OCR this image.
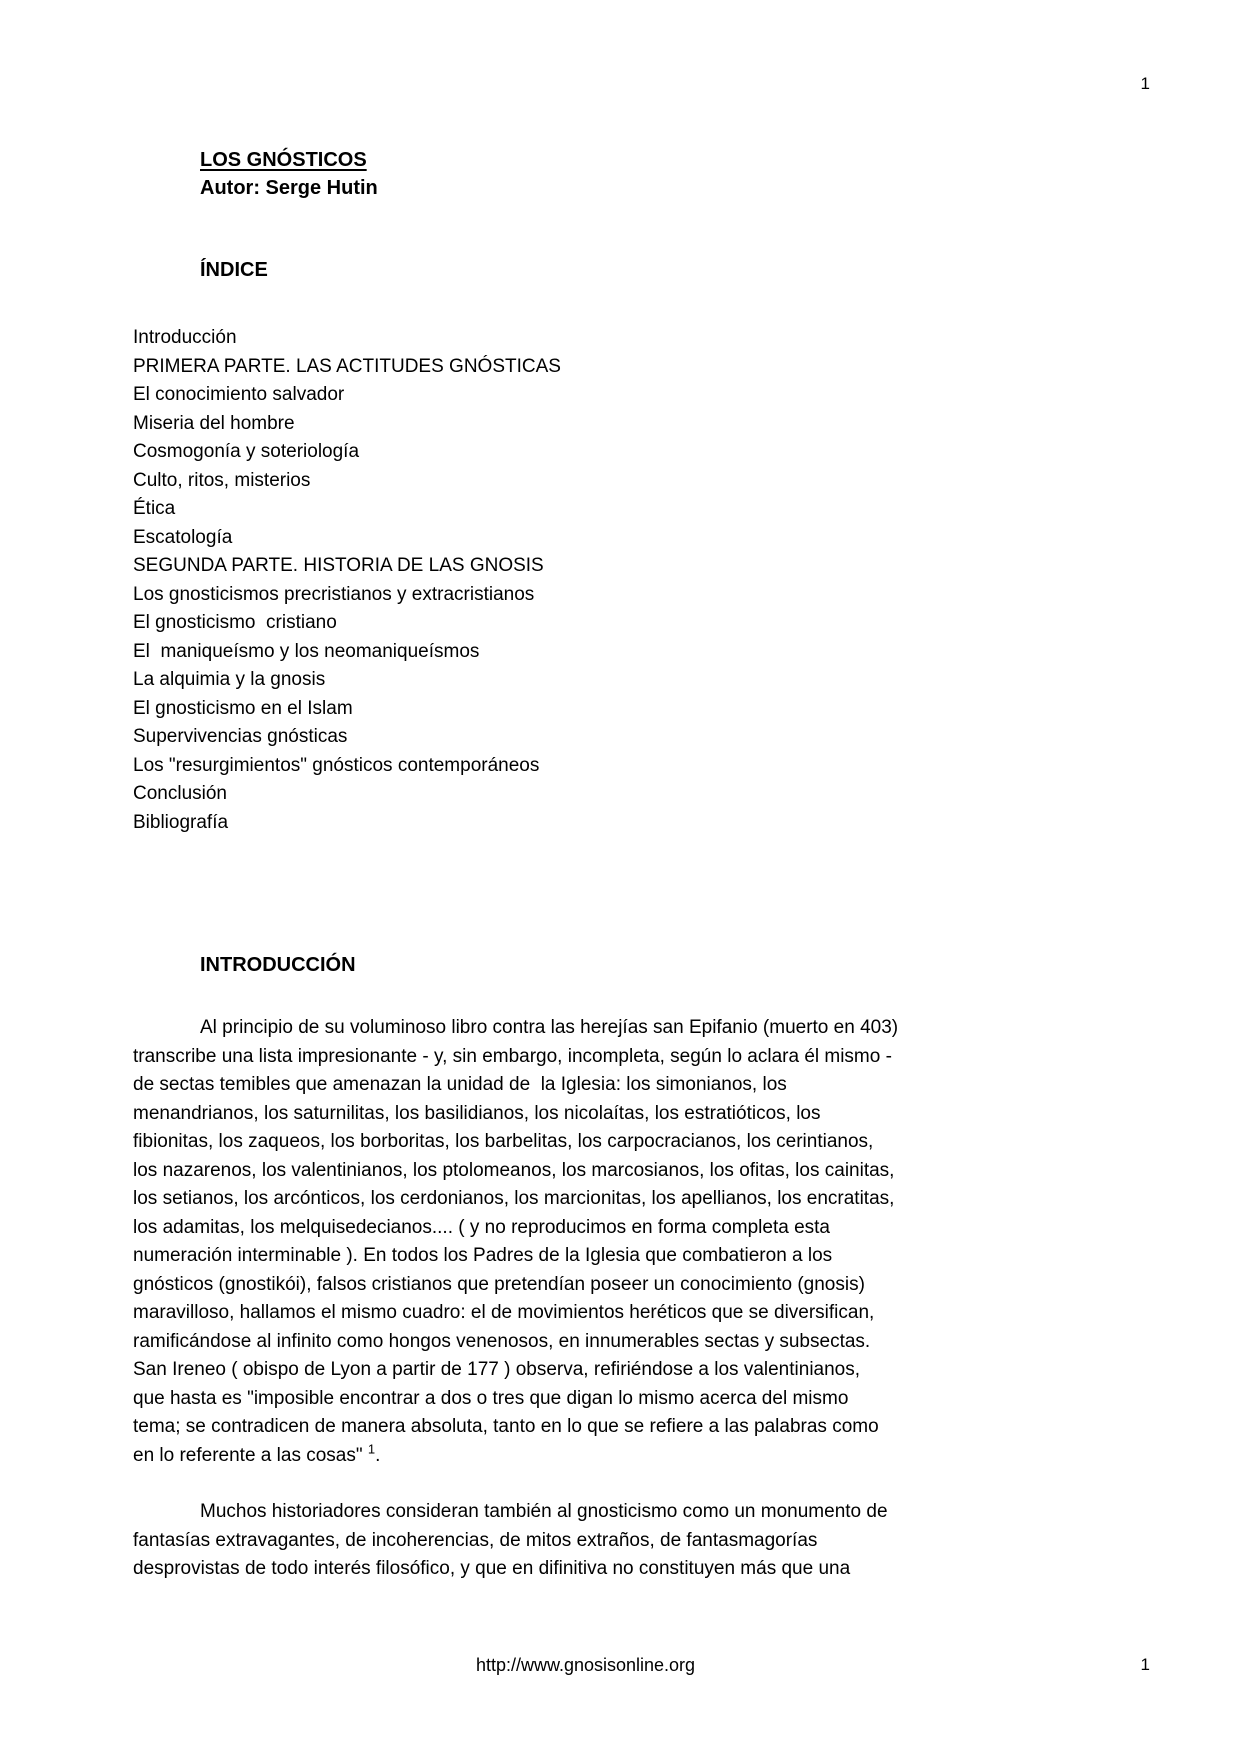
1
LOS GNÓSTICOS
Autor: Serge Hutin
ÍNDICE
Introducción
PRIMERA PARTE. LAS ACTITUDES GNÓSTICAS
El conocimiento salvador
Miseria del hombre
Cosmogonía y soteriología
Culto, ritos, misterios
Ética
Escatología
SEGUNDA PARTE. HISTORIA DE LAS GNOSIS
Los gnosticismos precristianos y extracristianos
El gnosticismo  cristiano
El  maniqueísmo y los neomaniqueísmos
La alquimia y la gnosis
El gnosticismo en el Islam
Supervivencias gnósticas
Los "resurgimientos" gnósticos contemporáneos
Conclusión
Bibliografía
INTRODUCCIÓN
Al principio de su voluminoso libro contra las herejías san Epifanio (muerto en 403)
transcribe una lista impresionante - y, sin embargo, incompleta, según lo aclara él mismo -
de sectas temibles que amenazan la unidad de  la Iglesia: los simonianos, los
menandrianos, los saturnilitas, los basilidianos, los nicolaítas, los estratióticos, los
fibionitas, los zaqueos, los borboritas, los barbelitas, los carpocracianos, los cerintianos,
los nazarenos, los valentinianos, los ptolomeanos, los marcosianos, los ofitas, los cainitas,
los setianos, los arcónticos, los cerdonianos, los marcionitas, los apellianos, los encratitas,
los adamitas, los melquisedecianos.... ( y no reproducimos en forma completa esta
numeración interminable ). En todos los Padres de la Iglesia que combatieron a los
gnósticos (gnostikói), falsos cristianos que pretendían poseer un conocimiento (gnosis)
maravilloso, hallamos el mismo cuadro: el de movimientos heréticos que se diversifican,
ramificándose al infinito como hongos venenosos, en innumerables sectas y subsectas.
San Ireneo ( obispo de Lyon a partir de 177 ) observa, refiriéndose a los valentinianos,
que hasta es "imposible encontrar a dos o tres que digan lo mismo acerca del mismo
tema; se contradicen de manera absoluta, tanto en lo que se refiere a las palabras como
en lo referente a las cosas" $^1$.
Muchos historiadores consideran también al gnosticismo como un monumento de
fantasías extravagantes, de incoherencias, de mitos extraños, de fantasmagorías
desprovistas de todo interés filosófico, y que en difinitiva no constituyen más que una
http://www.gnosisonline.org	1
